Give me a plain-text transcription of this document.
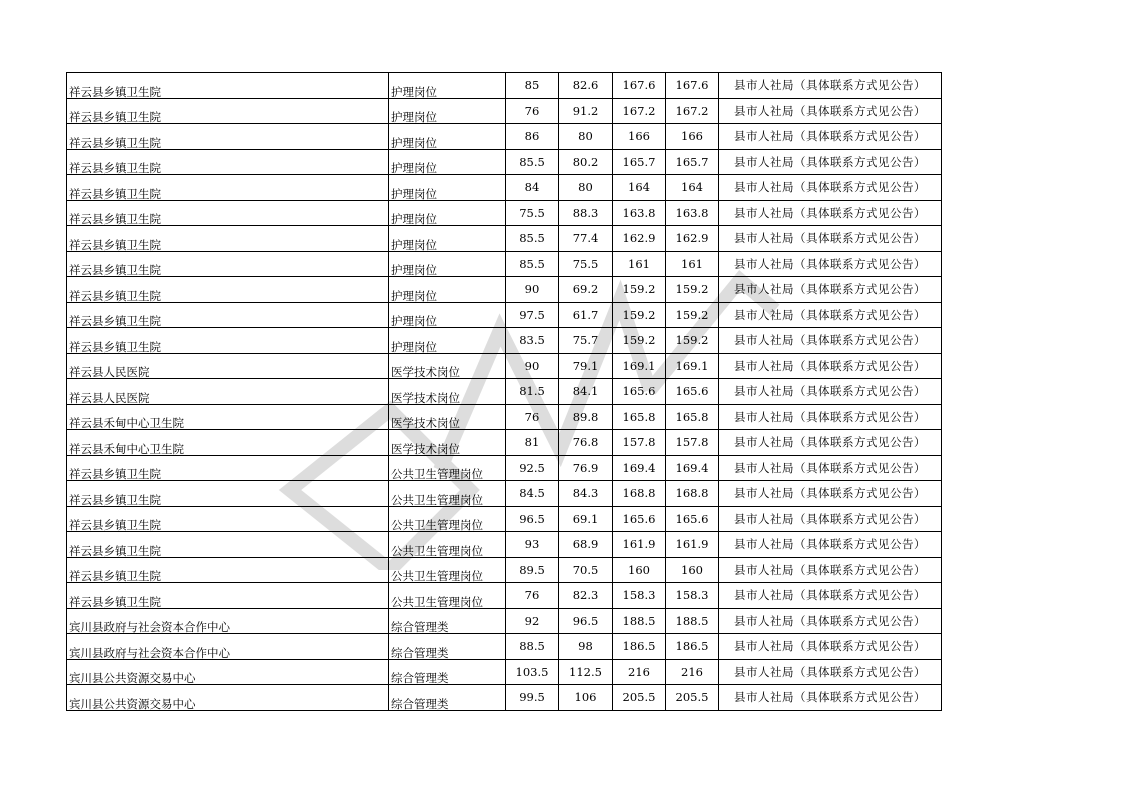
祥云县乡镇卫生院	护理岗位	85	82.6	167.6	167.6	县市人社局（具体联系方式见公告）
祥云县乡镇卫生院	护理岗位	76	91.2	167.2	167.2	县市人社局（具体联系方式见公告）
祥云县乡镇卫生院	护理岗位	86	80	166	166	县市人社局（具体联系方式见公告）
祥云县乡镇卫生院	护理岗位	85.5	80.2	165.7	165.7	县市人社局（具体联系方式见公告）
祥云县乡镇卫生院	护理岗位	84	80	164	164	县市人社局（具体联系方式见公告）
祥云县乡镇卫生院	护理岗位	75.5	88.3	163.8	163.8	县市人社局（具体联系方式见公告）
祥云县乡镇卫生院	护理岗位	85.5	77.4	162.9	162.9	县市人社局（具体联系方式见公告）
祥云县乡镇卫生院	护理岗位	85.5	75.5	161	161	县市人社局（具体联系方式见公告）
祥云县乡镇卫生院	护理岗位	90	69.2	159.2	159.2	县市人社局（具体联系方式见公告）
祥云县乡镇卫生院	护理岗位	97.5	61.7	159.2	159.2	县市人社局（具体联系方式见公告）
祥云县乡镇卫生院	护理岗位	83.5	75.7	159.2	159.2	县市人社局（具体联系方式见公告）
祥云县人民医院	医学技术岗位	90	79.1	169.1	169.1	县市人社局（具体联系方式见公告）
祥云县人民医院	医学技术岗位	81.5	84.1	165.6	165.6	县市人社局（具体联系方式见公告）
祥云县禾甸中心卫生院	医学技术岗位	76	89.8	165.8	165.8	县市人社局（具体联系方式见公告）
祥云县禾甸中心卫生院	医学技术岗位	81	76.8	157.8	157.8	县市人社局（具体联系方式见公告）
祥云县乡镇卫生院	公共卫生管理岗位	92.5	76.9	169.4	169.4	县市人社局（具体联系方式见公告）
祥云县乡镇卫生院	公共卫生管理岗位	84.5	84.3	168.8	168.8	县市人社局（具体联系方式见公告）
祥云县乡镇卫生院	公共卫生管理岗位	96.5	69.1	165.6	165.6	县市人社局（具体联系方式见公告）
祥云县乡镇卫生院	公共卫生管理岗位	93	68.9	161.9	161.9	县市人社局（具体联系方式见公告）
祥云县乡镇卫生院	公共卫生管理岗位	89.5	70.5	160	160	县市人社局（具体联系方式见公告）
祥云县乡镇卫生院	公共卫生管理岗位	76	82.3	158.3	158.3	县市人社局（具体联系方式见公告）
宾川县政府与社会资本合作中心	综合管理类	92	96.5	188.5	188.5	县市人社局（具体联系方式见公告）
宾川县政府与社会资本合作中心	综合管理类	88.5	98	186.5	186.5	县市人社局（具体联系方式见公告）
宾川县公共资源交易中心	综合管理类	103.5	112.5	216	216	县市人社局（具体联系方式见公告）
宾川县公共资源交易中心	综合管理类	99.5	106	205.5	205.5	县市人社局（具体联系方式见公告）
